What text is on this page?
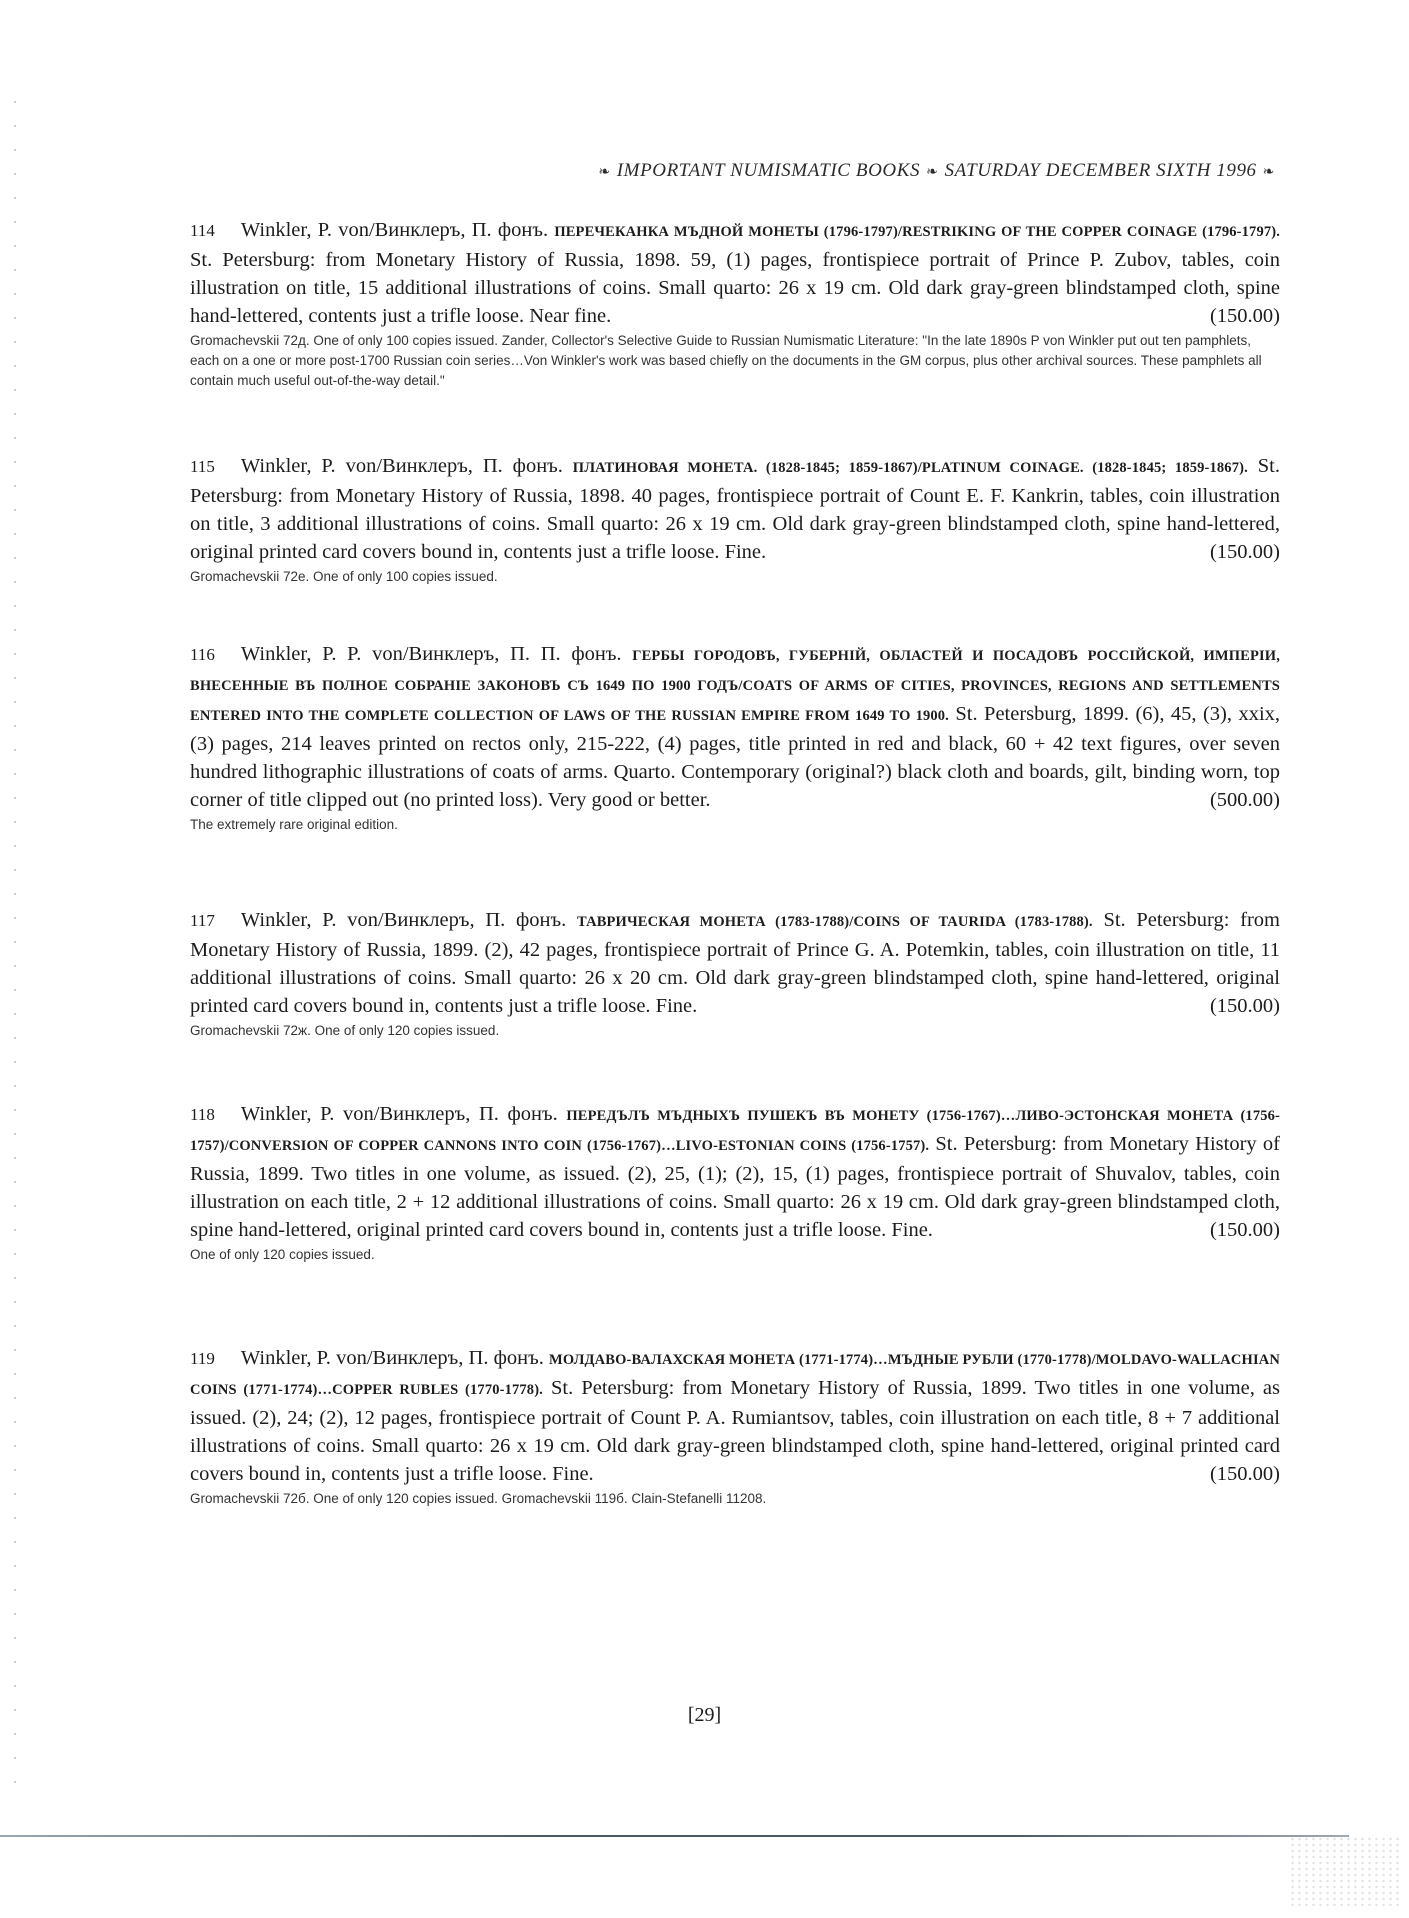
❧ IMPORTANT NUMISMATIC BOOKS ❧ SATURDAY DECEMBER SIXTH 1996 ❧
114 Winkler, P. von/Винклеръ, П. фонъ. ПЕРЕЧЕКАНКА МЪДНОЙ МОНЕТЫ (1796-1797)/RESTRIKING OF THE COPPER COINAGE (1796-1797). St. Petersburg: from Monetary History of Russia, 1898. 59, (1) pages, frontispiece portrait of Prince P. Zubov, tables, coin illustration on title, 15 additional illustrations of coins. Small quarto: 26 x 19 cm. Old dark gray-green blindstamped cloth, spine hand-lettered, contents just a trifle loose. Near fine.	(150.00)
Gromachevskii 72д. One of only 100 copies issued. Zander, Collector's Selective Guide to Russian Numismatic Literature: "In the late 1890s P von Winkler put out ten pamphlets, each on a one or more post-1700 Russian coin series…Von Winkler's work was based chiefly on the documents in the GM corpus, plus other archival sources. These pamphlets all contain much useful out-of-the-way detail."
115 Winkler, P. von/Винклеръ, П. фонъ. ПЛАТИНОВАЯ МОНЕТА. (1828-1845; 1859-1867)/PLATINUM COINAGE. (1828-1845; 1859-1867). St. Petersburg: from Monetary History of Russia, 1898. 40 pages, frontispiece portrait of Count E. F. Kankrin, tables, coin illustration on title, 3 additional illustrations of coins. Small quarto: 26 x 19 cm. Old dark gray-green blindstamped cloth, spine hand-lettered, original printed card covers bound in, contents just a trifle loose. Fine.	(150.00)
Gromachevskii 72е. One of only 100 copies issued.
116 Winkler, P. P. von/Винклеръ, П. П. фонъ. ГЕРБЫ ГОРОДОВЪ, ГУБЕРНІЙ, ОБЛАСТЕЙ И ПОСАДОВЪ РОССІЙСКОЙ, ИМПЕРІИ, ВНЕСЕННЫЕ ВЪ ПОЛНОЕ СОБРАНІЕ ЗАКОНОВЪ СЪ 1649 ПО 1900 ГОДЪ/COATS OF ARMS OF CITIES, PROVINCES, REGIONS AND SETTLEMENTS ENTERED INTO THE COMPLETE COLLECTION OF LAWS OF THE RUSSIAN EMPIRE FROM 1649 TO 1900. St. Petersburg, 1899. (6), 45, (3), xxix, (3) pages, 214 leaves printed on rectos only, 215-222, (4) pages, title printed in red and black, 60 + 42 text figures, over seven hundred lithographic illustrations of coats of arms. Quarto. Contemporary (original?) black cloth and boards, gilt, binding worn, top corner of title clipped out (no printed loss). Very good or better.	(500.00)
The extremely rare original edition.
117 Winkler, P. von/Винклеръ, П. фонъ. ТАВРИЧЕСКАЯ МОНЕТА (1783-1788)/COINS OF TAURIDA (1783-1788). St. Petersburg: from Monetary History of Russia, 1899. (2), 42 pages, frontispiece portrait of Prince G. A. Potemkin, tables, coin illustration on title, 11 additional illustrations of coins. Small quarto: 26 x 20 cm. Old dark gray-green blindstamped cloth, spine hand-lettered, original printed card covers bound in, contents just a trifle loose. Fine.	(150.00)
Gromachevskii 72ж. One of only 120 copies issued.
118 Winkler, P. von/Винклеръ, П. фонъ. ПЕРЕДЪЛЪ МЪДНЫХЪ ПУШЕКЪ ВЪ МОНЕТУ (1756-1767)…ЛИВО-ЭСТОНСКАЯ МОНЕТА (1756-1757)/CONVERSION OF COPPER CANNONS INTO COIN (1756-1767)…LIVO-ESTONIAN COINS (1756-1757). St. Petersburg: from Monetary History of Russia, 1899. Two titles in one volume, as issued. (2), 25, (1); (2), 15, (1) pages, frontispiece portrait of Shuvalov, tables, coin illustration on each title, 2 + 12 additional illustrations of coins. Small quarto: 26 x 19 cm. Old dark gray-green blindstamped cloth, spine hand-lettered, original printed card covers bound in, contents just a trifle loose. Fine.	(150.00)
One of only 120 copies issued.
119 Winkler, P. von/Винклеръ, П. фонъ. МОЛДАВО-ВАЛАХСКАЯ МОНЕТА (1771-1774)…МЪДНЫЕ РУБЛИ (1770-1778)/MOLDAVO-WALLACHIAN COINS (1771-1774)…COPPER RUBLES (1770-1778). St. Petersburg: from Monetary History of Russia, 1899. Two titles in one volume, as issued. (2), 24; (2), 12 pages, frontispiece portrait of Count P. A. Rumiantsov, tables, coin illustration on each title, 8 + 7 additional illustrations of coins. Small quarto: 26 x 19 cm. Old dark gray-green blindstamped cloth, spine hand-lettered, original printed card covers bound in, contents just a trifle loose. Fine.	(150.00)
Gromachevskii 72б. One of only 120 copies issued. Gromachevskii 119б. Clain-Stefanelli 11208.
[29]
